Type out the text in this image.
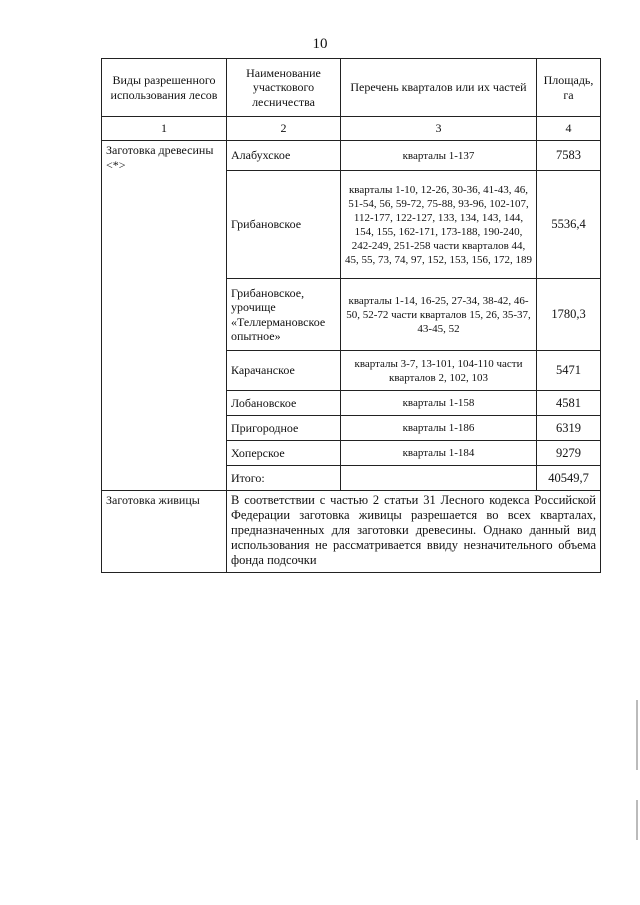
10
Виды разрешенного использования лесов	Наименование участкового лесничества	Перечень кварталов или их частей	Площадь, га
1	2	3	4
Заготовка древесины <*>	Алабухское	кварталы 1-137	7583
	Грибановское	кварталы 1-10, 12-26, 30-36, 41-43, 46, 51-54, 56, 59-72, 75-88, 93-96, 102-107, 112-177, 122-127, 133, 134, 143, 144, 154, 155, 162-171, 173-188, 190-240, 242-249, 251-258 части кварталов 44, 45, 55, 73, 74, 97, 152, 153, 156, 172, 189	5536,4
	Грибановское, урочище «Теллермановское опытное»	кварталы 1-14, 16-25, 27-34, 38-42, 46-50, 52-72 части кварталов 15, 26, 35-37, 43-45, 52	1780,3
	Карачанское	кварталы 3-7, 13-101, 104-110 части кварталов 2, 102, 103	5471
	Лобановское	кварталы 1-158	4581
	Пригородное	кварталы 1-186	6319
	Хоперское	кварталы 1-184	9279
	Итого:		40549,7
Заготовка живицы	В соответствии с частью 2 статьи 31 Лесного кодекса Российской Федерации заготовка живицы разрешается во всех кварталах, предназначенных для заготовки древесины. Однако данный вид использования не рассматривается ввиду незначительного объема фонда подсочки		
